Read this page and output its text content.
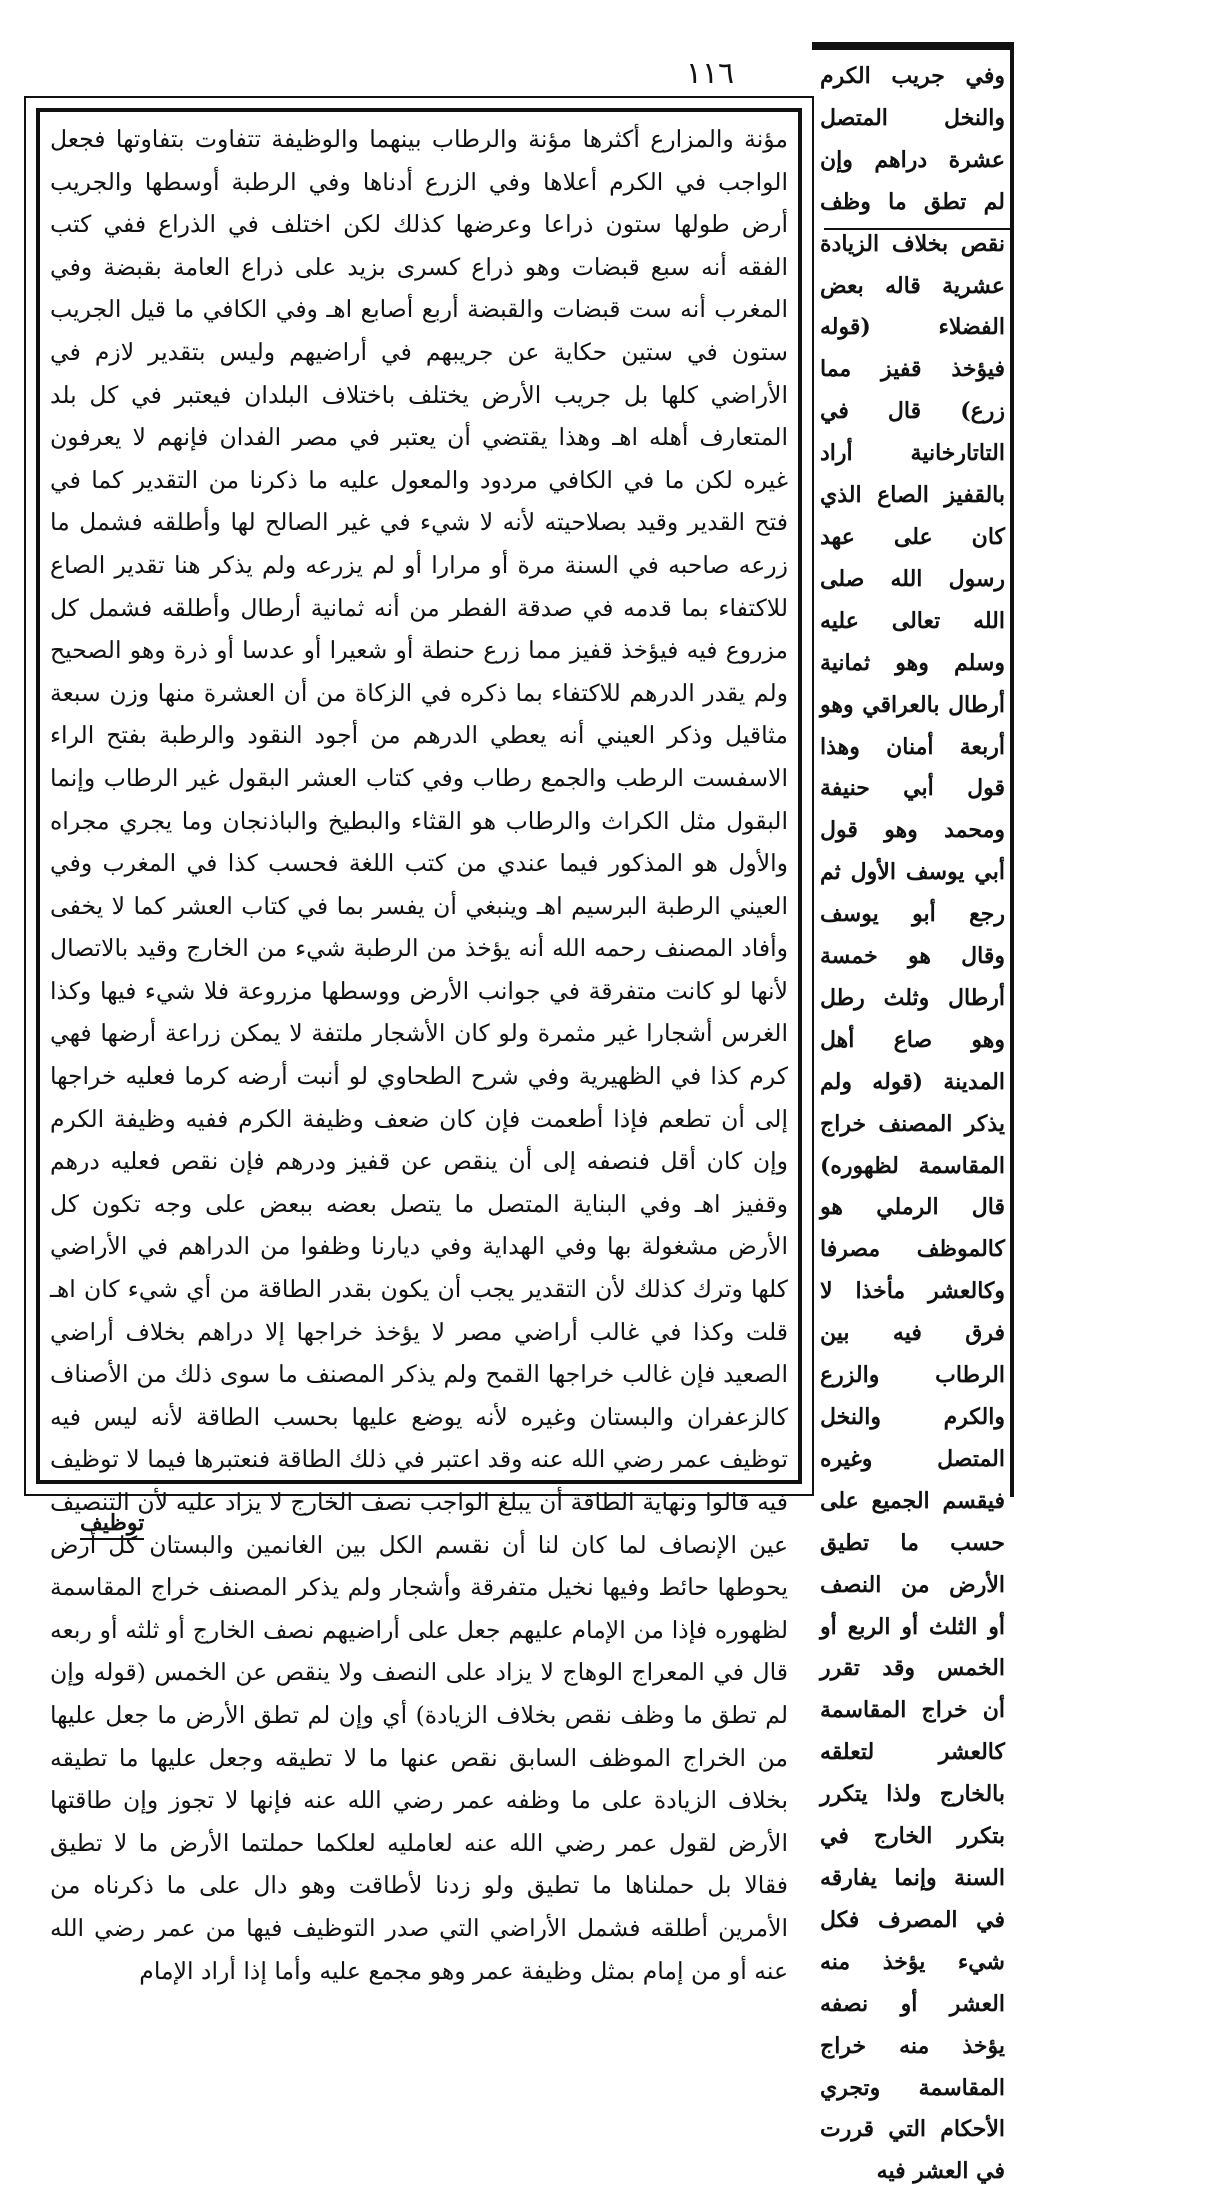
١١٦

مؤنة والمزارع أكثرها مؤنة والرطاب بينهما والوظيفة تتفاوت بتفاوتها فجعل الواجب في الكرم أعلاها وفي الزرع أدناها وفي الرطبة أوسطها والجريب أرض طولها ستون ذراعا وعرضها كذلك لكن اختلف في الذراع ففي كتب الفقه أنه سبع قبضات وهو ذراع كسرى بزيد على ذراع العامة بقبضة وفي المغرب أنه ست قبضات والقبضة أربع أصابع اهـ وفي الكافي ما قيل الجريب ستون في ستين حكاية عن جريبهم في أراضيهم وليس بتقدير لازم في الأراضي كلها بل جريب الأرض يختلف باختلاف البلدان فيعتبر في كل بلد المتعارف أهله اهـ وهذا يقتضي أن يعتبر في مصر الفدان فإنهم لا يعرفون غيره لكن ما في الكافي مردود والمعول عليه ما ذكرنا من التقدير كما في فتح القدير وقيد بصلاحيته لأنه لا شيء في غير الصالح لها وأطلقه فشمل ما زرعه صاحبه في السنة مرة أو مرارا أو لم يزرعه ولم يذكر هنا تقدير الصاع للاكتفاء بما قدمه في صدقة الفطر من أنه ثمانية أرطال وأطلقه فشمل كل مزروع فيه فيؤخذ قفيز مما زرع حنطة أو شعيرا أو عدسا أو ذرة وهو الصحيح ولم يقدر الدرهم للاكتفاء بما ذكره في الزكاة من أن العشرة منها وزن سبعة مثاقيل وذكر العيني أنه يعطي الدرهم من أجود النقود والرطبة بفتح الراء الاسفست الرطب والجمع رطاب وفي كتاب العشر البقول غير الرطاب وإنما البقول مثل الكراث والرطاب هو القثاء والبطيخ والباذنجان وما يجري مجراه والأول هو المذكور فيما عندي من كتب اللغة فحسب كذا في المغرب وفي العيني الرطبة البرسيم اهـ وينبغي أن يفسر بما في كتاب العشر كما لا يخفى وأفاد المصنف رحمه الله أنه يؤخذ من الرطبة شيء من الخارج وقيد بالاتصال لأنها لو كانت متفرقة في جوانب الأرض ووسطها مزروعة فلا شيء فيها وكذا الغرس أشجارا غير مثمرة ولو كان الأشجار ملتفة لا يمكن زراعة أرضها فهي كرم كذا في الظهيرية وفي شرح الطحاوي لو أنبت أرضه كرما فعليه خراجها إلى أن تطعم فإذا أطعمت فإن كان ضعف وظيفة الكرم ففيه وظيفة الكرم وإن كان أقل فنصفه إلى أن ينقص عن قفيز ودرهم فإن نقص فعليه درهم وقفيز اهـ وفي البناية المتصل ما يتصل بعضه ببعض على وجه تكون كل الأرض مشغولة بها وفي الهداية وفي ديارنا وظفوا من الدراهم في الأراضي كلها وترك كذلك لأن التقدير يجب أن يكون بقدر الطاقة من أي شيء كان اهـ قلت وكذا في غالب أراضي مصر لا يؤخذ خراجها إلا دراهم بخلاف أراضي الصعيد فإن غالب خراجها القمح ولم يذكر المصنف ما سوى ذلك من الأصناف كالزعفران والبستان وغيره لأنه يوضع عليها بحسب الطاقة لأنه ليس فيه توظيف عمر رضي الله عنه وقد اعتبر في ذلك الطاقة فنعتبرها فيما لا توظيف فيه قالوا ونهاية الطاقة أن يبلغ الواجب نصف الخارج لا يزاد عليه لأن التنصيف عين الإنصاف لما كان لنا أن نقسم الكل بين الغانمين والبستان كل أرض يحوطها حائط وفيها نخيل متفرقة وأشجار ولم يذكر المصنف خراج المقاسمة لظهوره فإذا من الإمام عليهم جعل على أراضيهم نصف الخارج أو ثلثه أو ربعه قال في المعراج الوهاج لا يزاد على النصف ولا ينقص عن الخمس (قوله وإن لم تطق ما وظف نقص بخلاف الزيادة) أي وإن لم تطق الأرض ما جعل عليها من الخراج الموظف السابق نقص عنها ما لا تطيقه وجعل عليها ما تطيقه بخلاف الزيادة على ما وظفه عمر رضي الله عنه فإنها لا تجوز وإن طاقتها الأرض لقول عمر رضي الله عنه لعامليه لعلكما حملتما الأرض ما لا تطيق فقالا بل حملناها ما تطيق ولو زدنا لأطاقت وهو دال على ما ذكرناه من الأمرين أطلقه فشمل الأراضي التي صدر التوظيف فيها من عمر رضي الله عنه أو من إمام بمثل وظيفة عمر وهو مجمع عليه وأما إذا أراد الإمام

وفي جريب الكرم والنخل المتصل عشرة دراهم وإن لم تطق ما وظف نقص بخلاف الزيادة عشرية قاله بعض الفضلاء (قوله فيؤخذ قفيز مما زرع) قال في التاتارخانية أراد بالقفيز الصاع الذي كان على عهد رسول الله صلى الله تعالى عليه وسلم وهو ثمانية أرطال بالعراقي وهو أربعة أمنان وهذا قول أبي حنيفة ومحمد وهو قول أبي يوسف الأول ثم رجع أبو يوسف وقال هو خمسة أرطال وثلث رطل وهو صاع أهل المدينة (قوله ولم يذكر المصنف خراج المقاسمة لظهوره) قال الرملي هو كالموظف مصرفا وكالعشر مأخذا لا فرق فيه بين الرطاب والزرع والكرم والنخل المتصل وغيره فيقسم الجميع على حسب ما تطيق الأرض من النصف أو الثلث أو الربع أو الخمس وقد تقرر أن خراج المقاسمة كالعشر لتعلقه بالخارج ولذا يتكرر بتكرر الخارج في السنة وإنما يفارقه في المصرف فكل شيء يؤخذ منه العشر أو نصفه يؤخذ منه خراج المقاسمة وتجري الأحكام التي قررت في العشر فيه

توظيف
